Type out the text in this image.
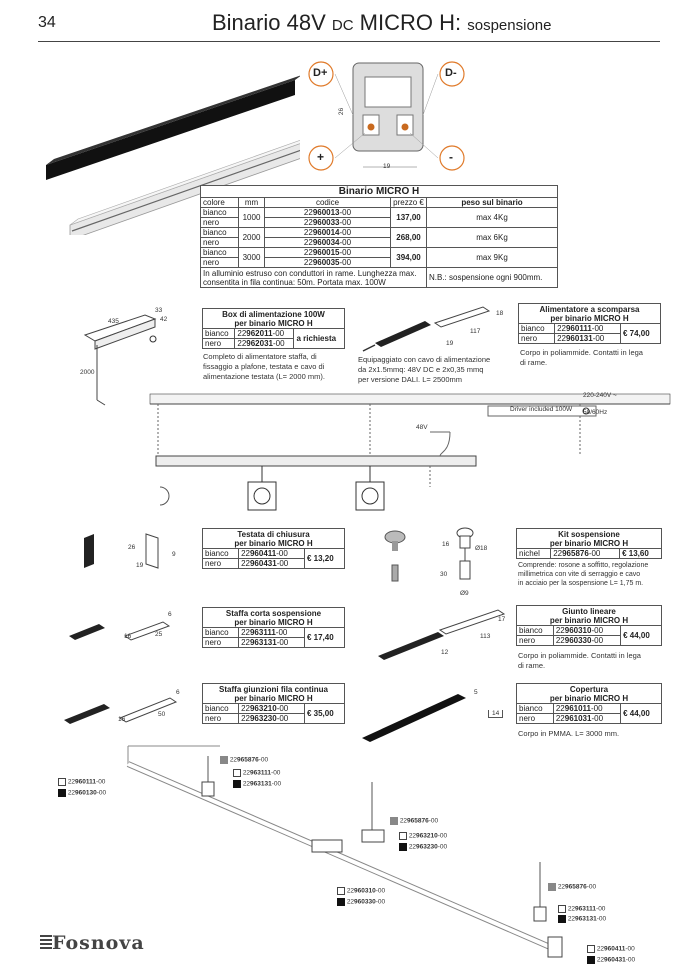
34	Binario 48V DC MICRO H: sospensione
D+	D-
+	-
26
19
Binario MICRO H				
colore	mm	codice	prezzo €	peso sul binario
bianco	1000	22960013-00	137,00	max 4Kg
nero		22960033-00		
bianco	2000	22960014-00	268,00	max 6Kg
nero		22960034-00		
bianco	3000	22960015-00	394,00	max 9Kg
nero		22960035-00		
In alluminio estruso con conduttori in rame. Lunghezza max.
consentita in fila continua: 50m. Portata max. 100W				N.B.: sospensione ogni 900mm.
435
33
42
2000
Box di alimentazione 100W
per binario MICRO H		
bianco	22962011-00	a richiesta
nero	22962031-00	
Completo di alimentatore staffa, di
fissaggio a plafone, testata e cavo di
alimentazione testata (L= 2000 mm).
117
18
19
Equipaggiato con cavo di alimentazione
da 2x1.5mmq: 48V DC e 2x0,35 mmq
per versione DALI. L= 2500mm
Alimentatore a scomparsa
per binario MICRO H		
bianco	22960111-00	€ 74,00
nero	22960131-00	
Corpo in poliammide. Contatti in lega
di rame.
220-240V ~
50/60Hz
Driver included 100W
48V
26
19
9
Testata di chiusura
per binario MICRO H		
bianco	22960411-00	€ 13,20
nero	22960431-00	
16
Ø18
30
Ø9
Kit sospensione
per binario MICRO H
nichel	22965876-00	€ 13,60
Comprende: rosone a soffitto, regolazione
millimetrica con vite di serraggio e cavo
in acciaio per la sospensione L= 1,75 m.
6
16	25
Staffa corta sospensione
per binario MICRO H		
bianco	22963111-00	€ 17,40
nero	22963131-00	
113
12
17
Giunto lineare
per binario MICRO H		
bianco	22960310-00	€ 44,00
nero	22960330-00	
Corpo in poliammide. Contatti in lega
di rame.
6
16
50
Staffa giunzioni fila continua
per binario MICRO H		
bianco	22963210-00	€ 35,00
nero	22963230-00	
5
14
Copertura
per binario MICRO H		
bianco	22961011-00	€ 44,00
nero	22961031-00	
Corpo in PMMA. L= 3000 mm.
22960111-00
22960130-00
22965876-00
22963111-00
22963131-00
22965876-00
22963210-00
22963230-00
22960310-00
22960330-00
22965876-00
22963111-00
22963131-00
22960411-00
22960431-00
Fosnova
